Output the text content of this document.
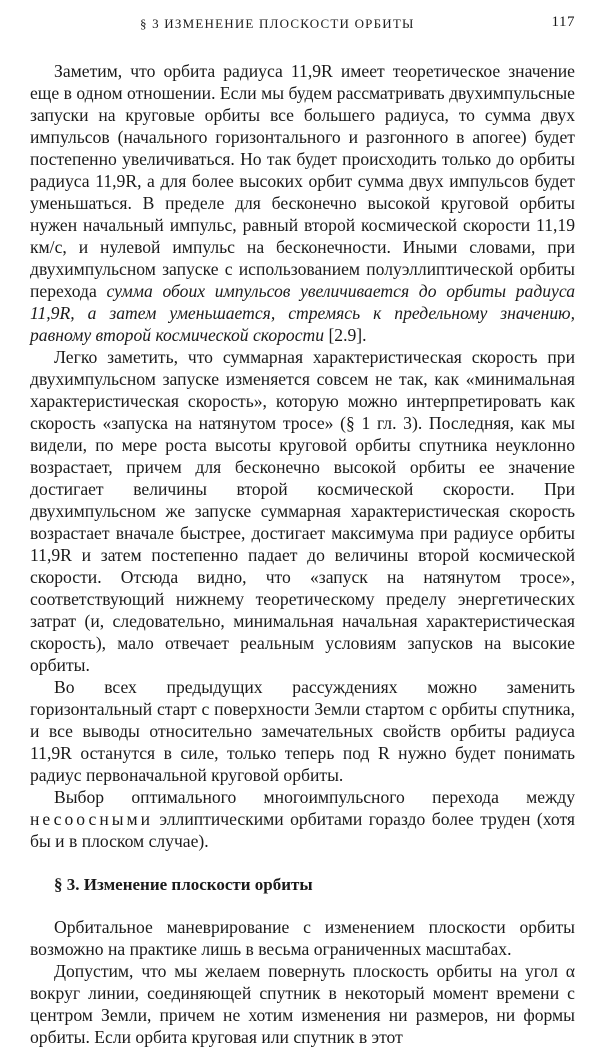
§ 3 ИЗМЕНЕНИЕ ПЛОСКОСТИ ОРБИТЫ	117

Заметим, что орбита радиуса 11,9R имеет теоретическое значение еще в одном отношении. Если мы будем рассматривать двухимпульсные запуски на круговые орбиты все большего радиуса, то сумма двух импульсов (начального горизонтального и разгонного в апогее) будет постепенно увеличиваться. Но так будет происходить только до орбиты радиуса 11,9R, а для более высоких орбит сумма двух импульсов будет уменьшаться. В пределе для бесконечно высокой круговой орбиты нужен начальный импульс, равный второй космической скорости 11,19 км/с, и нулевой импульс на бесконечности. Иными словами, при двухимпульсном запуске с использованием полуэллиптической орбиты перехода сумма обоих импульсов увеличивается до орбиты радиуса 11,9R, а затем уменьшается, стремясь к предельному значению, равному второй космической скорости [2.9].

Легко заметить, что суммарная характеристическая скорость при двухимпульсном запуске изменяется совсем не так, как «минимальная характеристическая скорость», которую можно интерпретировать как скорость «запуска на натянутом тросе» (§ 1 гл. 3). Последняя, как мы видели, по мере роста высоты круговой орбиты спутника неуклонно возрастает, причем для бесконечно высокой орбиты ее значение достигает величины второй космической скорости. При двухимпульсном же запуске суммарная характеристическая скорость возрастает вначале быстрее, достигает максимума при радиусе орбиты 11,9R и затем постепенно падает до величины второй космической скорости. Отсюда видно, что «запуск на натянутом тросе», соответствующий нижнему теоретическому пределу энергетических затрат (и, следовательно, минимальная начальная характеристическая скорость), мало отвечает реальным условиям запусков на высокие орбиты.

Во всех предыдущих рассуждениях можно заменить горизонтальный старт с поверхности Земли стартом с орбиты спутника, и все выводы относительно замечательных свойств орбиты радиуса 11,9R останутся в силе, только теперь под R нужно будет понимать радиус первоначальной круговой орбиты.

Выбор оптимального многоимпульсного перехода между несоосными эллиптическими орбитами гораздо более труден (хотя бы и в плоском случае).

§ 3. Изменение плоскости орбиты

Орбитальное маневрирование с изменением плоскости орбиты возможно на практике лишь в весьма ограниченных масштабах.

Допустим, что мы желаем повернуть плоскость орбиты на угол α вокруг линии, соединяющей спутник в некоторый момент времени с центром Земли, причем не хотим изменения ни размеров, ни формы орбиты. Если орбита круговая или спутник в этот
